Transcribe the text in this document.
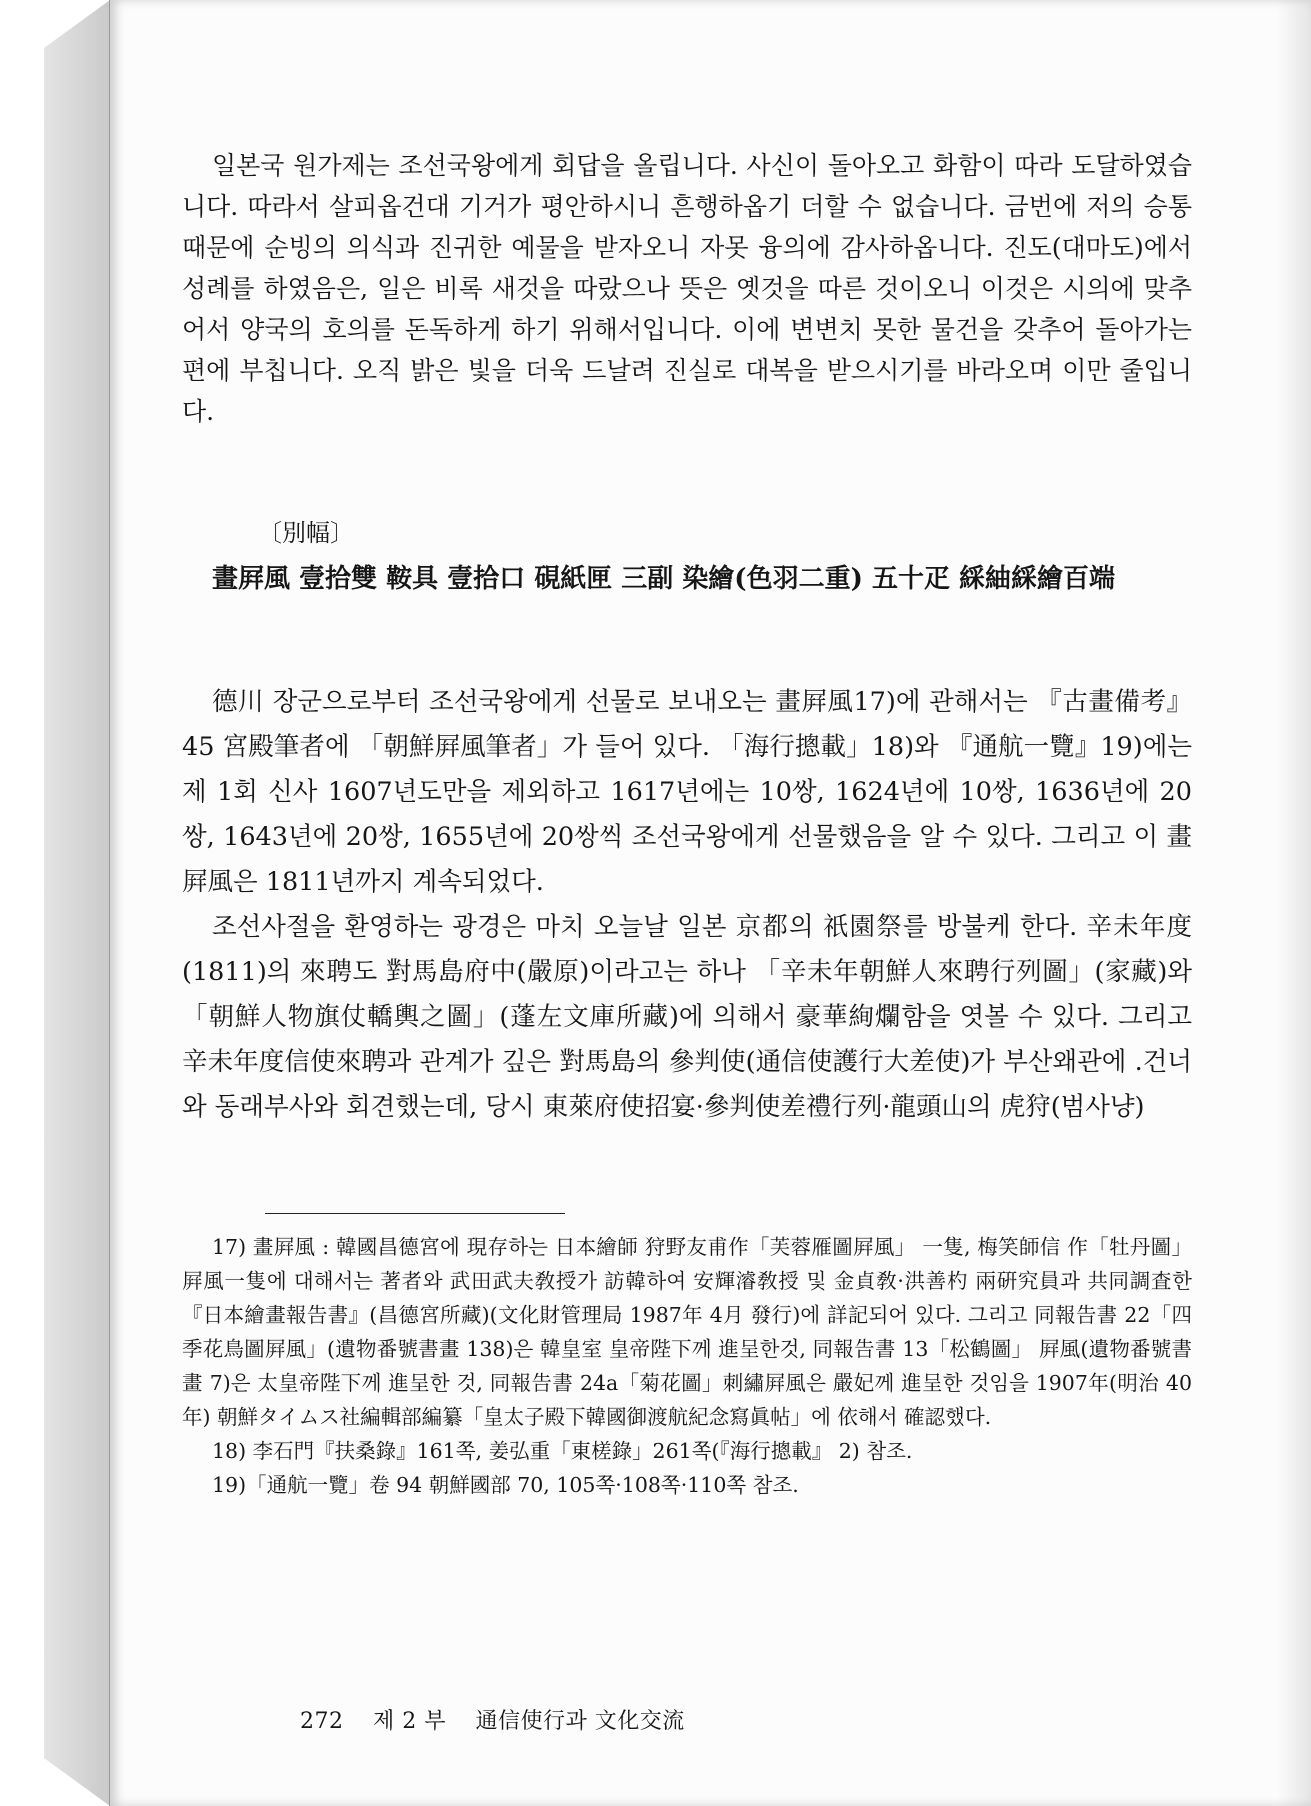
일본국 원가제는 조선국왕에게 회답을 올립니다. 사신이 돌아오고 화함이 따라 도달하였습니다. 따라서 살피옵건대 기거가 평안하시니 흔행하옵기 더할 수 없습니다. 금번에 저의 승통 때문에 순빙의 의식과 진귀한 예물을 받자오니 자못 융의에 감사하옵니다. 진도(대마도)에서 성례를 하였음은, 일은 비록 새것을 따랐으나 뜻은 옛것을 따른 것이오니 이것은 시의에 맞추어서 양국의 호의를 돈독하게 하기 위해서입니다. 이에 변변치 못한 물건을 갖추어 돌아가는 편에 부칩니다. 오직 밝은 빛을 더욱 드날려 진실로 대복을 받으시기를 바라오며 이만 줄입니다.

〔別幅〕

畫屛風 壹拾雙 鞍具 壹拾口 硯紙匣 三副 染繪(色羽二重) 五十疋 綵紬綵繪百端

德川 장군으로부터 조선국왕에게 선물로 보내오는 畫屛風17)에 관해서는 『古畫備考』 45 宮殿筆者에 「朝鮮屛風筆者」가 들어 있다. 「海行摠載」18)와 『通航一覽』19)에는 제 1회 신사 1607년도만을 제외하고 1617년에는 10쌍, 1624년에 10쌍, 1636년에 20쌍, 1643년에 20쌍, 1655년에 20쌍씩 조선국왕에게 선물했음을 알 수 있다. 그리고 이 畫屛風은 1811년까지 계속되었다.

조선사절을 환영하는 광경은 마치 오늘날 일본 京都의 祇園祭를 방불케 한다. 辛未年度(1811)의 來聘도 對馬島府中(嚴原)이라고는 하나 「辛未年朝鮮人來聘行列圖」(家藏)와 「朝鮮人物旗仗轎輿之圖」(蓬左文庫所藏)에 의해서 豪華絢爛함을 엿볼 수 있다. 그리고 辛未年度信使來聘과 관계가 깊은 對馬島의 參判使(通信使護行大差使)가 부산왜관에 .건너와 동래부사와 회견했는데, 당시 東萊府使招宴·參判使差禮行列·龍頭山의 虎狩(범사냥)

17) 畫屛風 : 韓國昌德宮에 現存하는 日本繪師 狩野友甫作「芙蓉雁圖屛風」 一隻, 梅笑師信 作「牡丹圖」屛風一隻에 대해서는 著者와 武田武夫敎授가 訪韓하여 安輝濬敎授 및 金貞敎·洪善杓 兩硏究員과 共同調査한『日本繪畫報告書』(昌德宮所藏)(文化財管理局 1987年 4月 發行)에 詳記되어 있다. 그리고 同報告書 22「四季花鳥圖屛風」(遺物番號書畫 138)은 韓皇室 皇帝陛下께 進呈한것, 同報告書 13「松鶴圖」 屛風(遺物番號書畫 7)은 太皇帝陛下께 進呈한 것, 同報告書 24a「菊花圖」刺繡屛風은 嚴妃께 進呈한 것임을 1907年(明治 40年) 朝鮮タイムス社編輯部編纂「皇太子殿下韓國御渡航紀念寫眞帖」에 依해서 確認했다.

18) 李石門『扶桑錄』161쪽, 姜弘重「東槎錄」261쪽(『海行摠載』 2) 참조.

19)「通航一覽」卷 94 朝鮮國部 70, 105쪽·108쪽·110쪽 참조.

272 제 2 부 通信使行과 文化交流
